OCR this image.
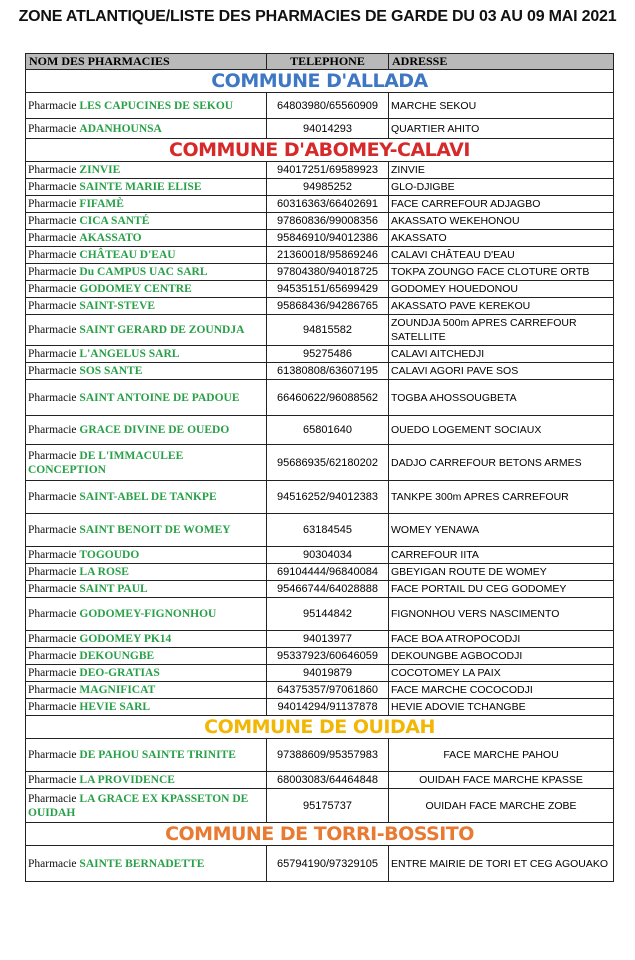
ZONE ATLANTIQUE/LISTE DES PHARMACIES DE GARDE DU 03 AU 09 MAI 2021
NOM DES PHARMACIES	TELEPHONE	ADRESSE
COMMUNE D'ALLADA		
Pharmacie LES CAPUCINES DE SEKOU	64803980/65560909	MARCHE SEKOU
Pharmacie ADANHOUNSA	94014293	QUARTIER AHITO
COMMUNE D'ABOMEY-CALAVI		
Pharmacie ZINVIE	94017251/69589923	ZINVIE
Pharmacie SAINTE MARIE ELISE	94985252	GLO-DJIGBE
Pharmacie FIFAMÈ	60316363/66402691	FACE CARREFOUR ADJAGBO
Pharmacie CICA SANTÉ	97860836/99008356	AKASSATO WEKEHONOU
Pharmacie AKASSATO	95846910/94012386	AKASSATO
Pharmacie CHÂTEAU D'EAU	21360018/95869246	CALAVI CHÂTEAU D'EAU
Pharmacie Du CAMPUS UAC SARL	97804380/94018725	TOKPA ZOUNGO FACE CLOTURE ORTB
Pharmacie GODOMEY CENTRE	94535151/65699429	GODOMEY HOUEDONOU
Pharmacie SAINT-STEVE	95868436/94286765	AKASSATO PAVE KEREKOU
Pharmacie SAINT GERARD DE ZOUNDJA	94815582	ZOUNDJA 500m APRES CARREFOUR SATELLITE
Pharmacie L'ANGELUS SARL	95275486	CALAVI AITCHEDJI
Pharmacie SOS SANTE	61380808/63607195	CALAVI AGORI PAVE SOS
Pharmacie SAINT ANTOINE DE PADOUE	66460622/96088562	TOGBA AHOSSOUGBETA
Pharmacie GRACE DIVINE DE OUEDO	65801640	OUEDO LOGEMENT SOCIAUX
Pharmacie DE L'IMMACULEE CONCEPTION	95686935/62180202	DADJO CARREFOUR BETONS ARMES
Pharmacie SAINT-ABEL DE TANKPE	94516252/94012383	TANKPE 300m APRES CARREFOUR
Pharmacie SAINT BENOIT DE WOMEY	63184545	WOMEY YENAWA
Pharmacie TOGOUDO	90304034	CARREFOUR IITA
Pharmacie LA ROSE	69104444/96840084	GBEYIGAN ROUTE DE WOMEY
Pharmacie SAINT PAUL	95466744/64028888	FACE PORTAIL DU CEG GODOMEY
Pharmacie GODOMEY-FIGNONHOU	95144842	FIGNONHOU VERS NASCIMENTO
Pharmacie GODOMEY PK14	94013977	FACE BOA ATROPOCODJI
Pharmacie DEKOUNGBE	95337923/60646059	DEKOUNGBE AGBOCODJI
Pharmacie DEO-GRATIAS	94019879	COCOTOMEY LA PAIX
Pharmacie MAGNIFICAT	64375357/97061860	FACE MARCHE COCOCODJI
Pharmacie HEVIE SARL	94014294/91137878	HEVIE ADOVIE TCHANGBE
COMMUNE DE OUIDAH		
Pharmacie DE PAHOU SAINTE TRINITE	97388609/95357983	FACE MARCHE PAHOU
Pharmacie LA PROVIDENCE	68003083/64464848	OUIDAH FACE MARCHE KPASSE
Pharmacie LA GRACE EX KPASSETON DE OUIDAH	95175737	OUIDAH FACE MARCHE ZOBE
COMMUNE DE TORRI-BOSSITO		
Pharmacie SAINTE BERNADETTE	65794190/97329105	ENTRE MAIRIE DE TORI ET CEG AGOUAKO
